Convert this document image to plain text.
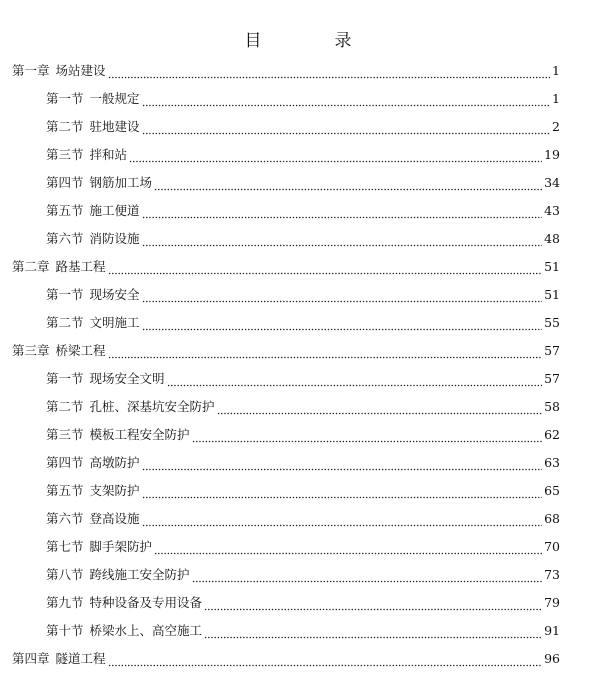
目　录
第一章 场站建设	1
第一节 一般规定	1
第二节 驻地建设	2
第三节 拌和站	19
第四节 钢筋加工场	34
第五节 施工便道	43
第六节 消防设施	48
第二章 路基工程	51
第一节 现场安全	51
第二节 文明施工	55
第三章 桥梁工程	57
第一节 现场安全文明	57
第二节 孔桩、深基坑安全防护	58
第三节 模板工程安全防护	62
第四节 高墩防护	63
第五节 支架防护	65
第六节 登高设施	68
第七节 脚手架防护	70
第八节 跨线施工安全防护	73
第九节 特种设备及专用设备	79
第十节 桥梁水上、高空施工	91
第四章 隧道工程	96
